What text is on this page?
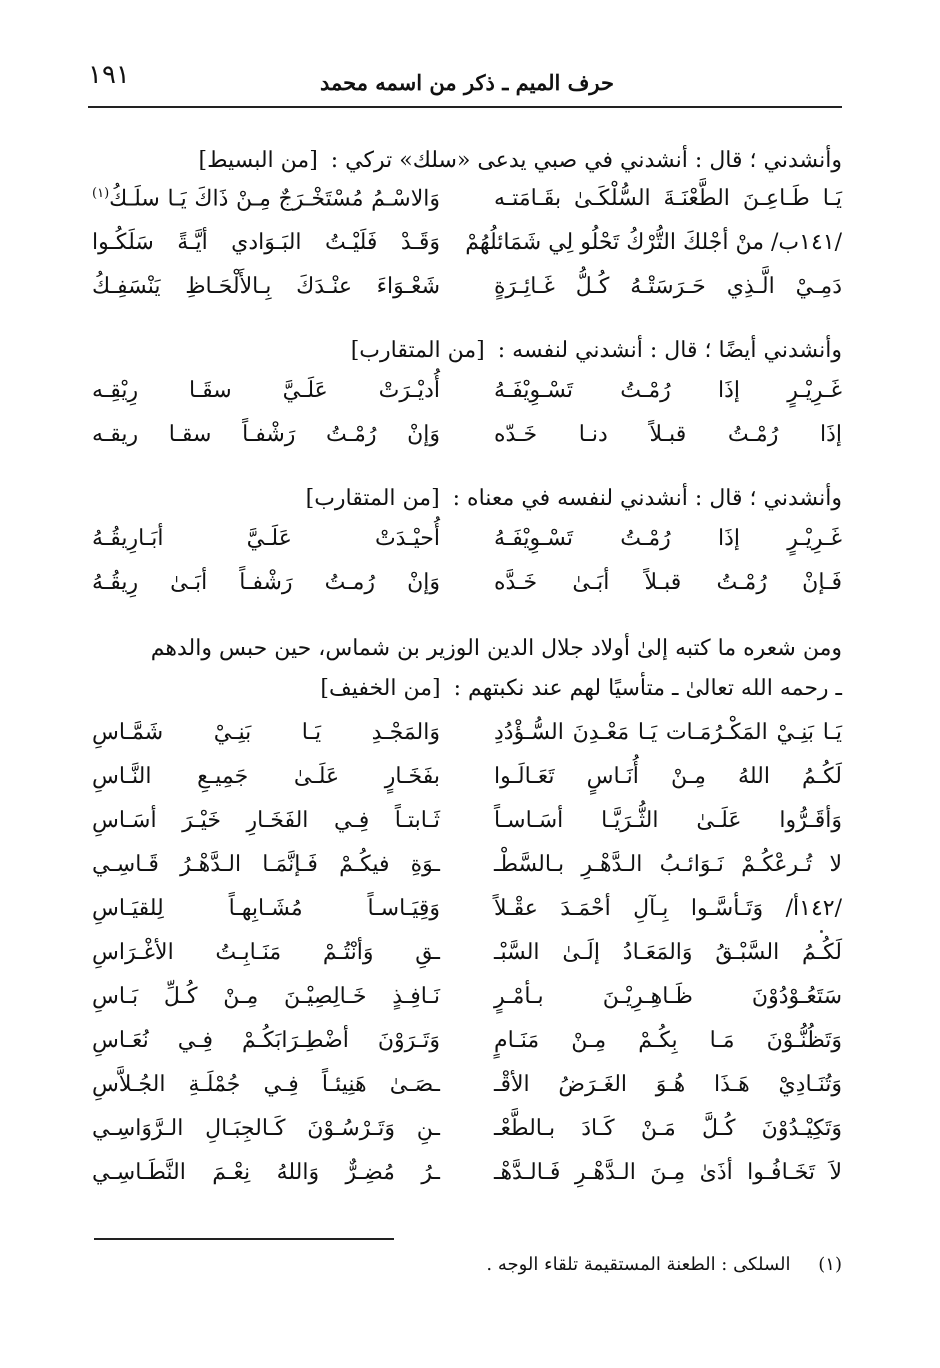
حرف الميم ـ ذكر من اسمه محمد
١٩١
وأنشدني ؛ قال : أنشدني في صبي يدعى «سلك» تركي : [من البسيط]
يَـا طَـاعِـنَ الطَّعْنَـةَ السُّلْكَـىٰ بقَـامَتـه
وَالاسْـمُ مُسْتَخْـرَجٌ مِـنْ ذَاكَ يَـا سلَـكُ$^{(١)}$
/١٤١ب/ منْ أجْلكَ التُّرْكُ تَحْلُو لِي شَمَائلُهُمْ
وَقَـدْ فَلَيْـتُ البَـوَادي أيَّـةً سَلَكُـوا
دَمِـيْ الَّـذِي حَـرَسَتْـهُ كُـلُّ غَـائِـرَةٍ
شَعْـوَاءَ عنْـدَكَ بِـالأَلْحَـاظِ يَنْسَفِـكُ
وأنشدني أيضًا ؛ قال : أنشدني لنفسه : [من المتقارب]
غَـرِيْـرٍ إذَا رُمْـتُ تَسْـوِيْفَـهُ
أُديْـرَتْ عَلَـيَّ سقَـا رِيْقِـه
إذَا رُمْـتُ قبـلاً دنـا خَـدّه
وَإنْ رُمْـتُ رَشْفـاً سقـا ريقـه
وأنشدني ؛ قال : أنشدني لنفسه في معناه : [من المتقارب]
غَـرِيْـرٍ إذَا رُمْـتُ تَسْـوِيْفَـهُ
أُحيْـدَتْ عَلَـيَّ أبَـارِيقُـهُ
فَـإنْ رُمْـتُ قبـلاً أبَـىٰ خَـدَّه
وَإنْ رُمـتُ رَشْفـاً أبَـىٰ رِيقُـهُ
ومن شعره ما كتبه إلىٰ أولاد جلال الدين الوزير بن شماس، حين حبس والدهم
ـ رحمه الله تعالىٰ ـ متأسيًا لهم عند نكبتهم : [من الخفيف]
يَـا بَنِـيْ المَكْـرُمَـات يَـا مَعْـدِنَ السُّـؤْدُدِ
وَالمَجْـدِ يَـا بَنِـيْ شَمَّـاسِ
لَكُـمُ اللهُ مِـنْ أُنَـاسٍ تَعَـالَـوا
بفَخَـارٍ عَلَـىٰ جَمِيـعِ النَّـاسِ
وَأقَـرُّوا عَلَـىٰ الثُّـرَيَّـا أسَـاسـاً
ثَـابتـاً فِـي الفَخَـارِ خَيْـرَ أسَـاسِ
لا تُـرعْكُـمْ نَـوَائـبُ الـدَّهْـرِ بـالسَّطْـ
ـوَةِ فيكُـمْ فَـإنَّمَـا الـدَّهْـرُ قَـاسِـي
/١٤٢أ/ وَتَـأسَّـوا بِـآلِ أحْمَـدَ عقْـلاً
وَقِيَـاسـاً مُشَـابِهـاً لِلقيَـاسِ
لَكُـمُ السَّبْـقُ وَالمَعَـادُ إلَـىٰ السَّبْـ
ـقِ وَأنْتُـمْ مَنَـابِـتُ الأغْـرَاسِ
سَتَعُـوْدُوْنَ ظَـاهِـرِيْـنَ بـأمْـرٍ
نَـافِـذٍ خَـالِصِيْـنَ مِـنْ كُـلِّ بَـاسِ
وَتَظُنُّـوْنَ مَـا بِكُـمْ مِـنْ مَنَـامٍ
وَتَـرَوْنَ أضْطِـرَابَكُـمْ فِـي نُعَـاسِ
وَتُنَـادِيْ هَـذَا هُـوَ الغَـرَضُ الأقْـ
ـصَـىٰ هَنِيئـاً فِـي جُمْلَـةِ الجُـلاَّسِ
وَتَكِيْـدُوْنَ كُـلَّ مَـنْ كَـادَ بـالطَّعْـ
ـنِ وَتَـرْسُـوْنَ كَـالجِبَـالِ الـرَّوَاسِـي
لاَ تَخَـافُـوا أذَىٰ مِـنَ الـدَّهْـرِ فَـالـدَّهْـ
ـرُ مُضِـرٌّ وَاللهُ نِعْـمَ النَّطَـاسِـي
(١) السلكى : الطعنة المستقيمة تلقاء الوجه .
